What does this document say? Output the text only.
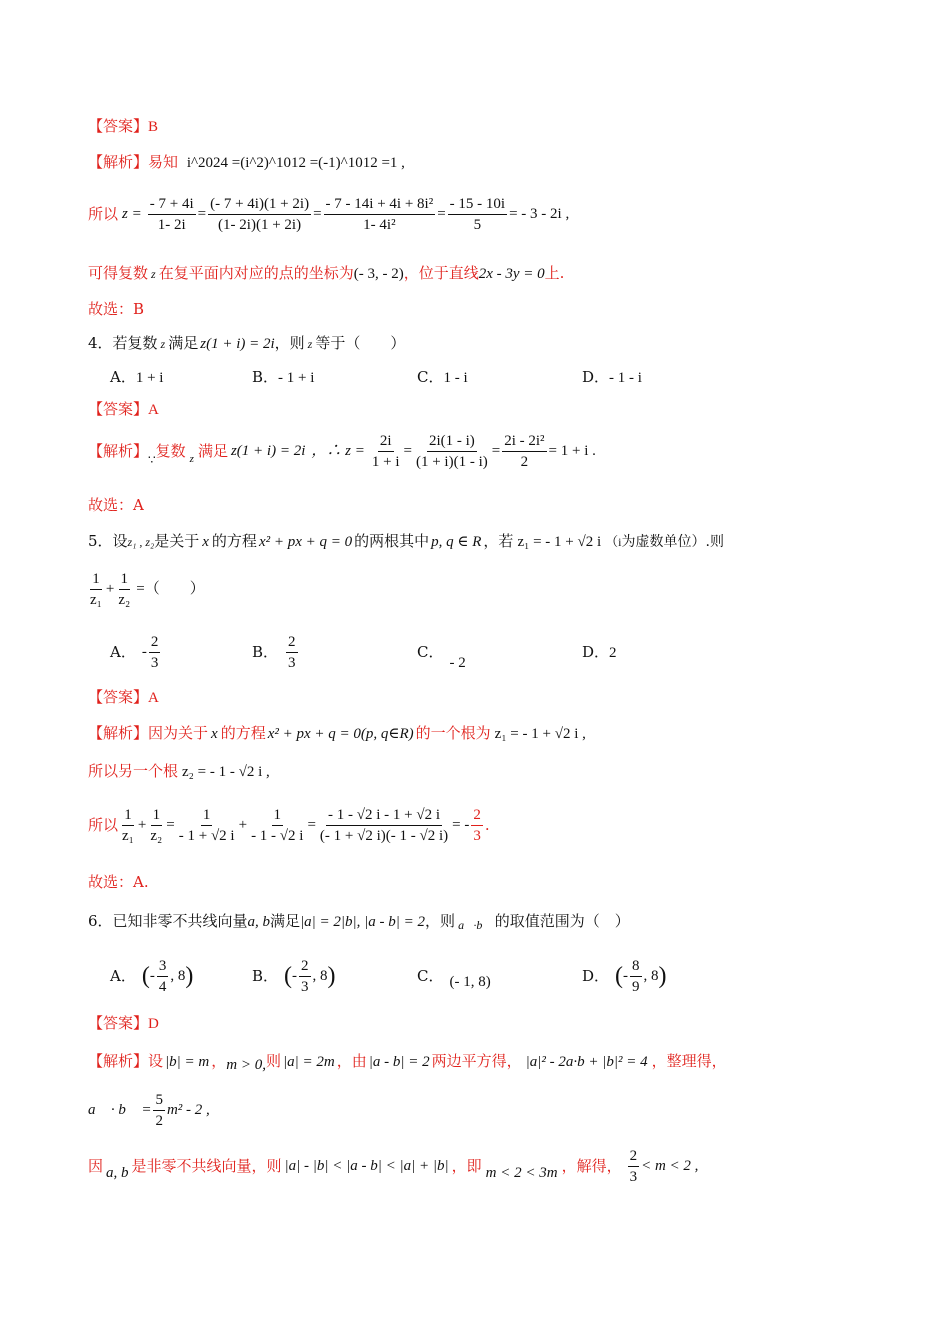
【答案】B
【解析】易知 i^2024 =(i^2)^1012 =(-1)^1012 =1 ,
所以 $z = \frac{- 7 + 4i}{1- 2i} = \frac{(- 7 + 4i)(1 + 2i)}{(1- 2i)(1 + 2i)} = \frac{\text{- 7 - 14i + 4i + 8i²}}{\text{1- 4i²}} = \frac{- 15 - 10i}{5}$ = - 3 - 2i ,
可得复数 z 在复平面内对应的点的坐标为(- 3, - 2)，位于直线2x - 3y = 0上.
故选：B
4．若复数 z 满足 z(1 + i) = 2i，则 z 等于（　　）
A．1 + i	B．- 1 + i	C．1 - i	D．- 1 - i
【答案】A
【解析】 ∵ 复数 z 满足 z(1 + i) = 2i ，∴ $z = \frac{2i}{1 + i} = \frac{2i(1 - i)}{(1 + i)(1 - i)} = \frac{\text{2i - 2i²}}{2} = 1 + i$ .
故选：A
5．设z₁ , z₂是关于 x 的方程 x² + px + q = 0 的两根其中 p, q ∈ R ，若 z₁ = - 1 + √2 i （i为虚数单位）.则
$\frac{1}{\text{z₁}} + \frac{1}{\text{z₂}}$ =（　　）
A． - $\frac{2}{3}$	B． $\frac{2}{3}$	C．- 2
D．2
【答案】A
【解析】因为关于 x 的方程 x² + px + q = 0(p, q∈R) 的一个根为 z₁ = - 1 + √2 i ,
所以另一个根 z₂ = - 1 - √2 i ,
所以 $\frac{1}{\text{z₁}} + \frac{1}{\text{z₂}} = \frac{1}{- 1 + √2 i} + \frac{1}{- 1 - √2 i} = \frac{- 1 - √2 i - 1 + √2 i}{(- 1 + √2 i)(- 1 - √2 i)}$ = - $\frac{2}{3}$ .
故选：A.
6．已知非零不共线向量a, b满足|a| = 2|b|, |a - b| = 2，则 $_{a⃗\cdot b⃗}$ 的取值范围为（　）
A． ( - $\frac{3}{4}$ , 8 )	B． ( - $\frac{2}{3}$ , 8 )	C． (- 1, 8)	D． ( - $\frac{8}{9}$ , 8 )
【答案】D
【解析】设 |b| = m ，m > 0,则 |a| = 2m ，由 |a - b| = 2 两边平方得， |a|² - 2a·b + |b|² = 4 ，整理得，
a⃗ · b⃗ = $\frac{5}{2} m^2 - 2$ ,
因 a, b 是非零不共线向量，则 |a| - |b| < |a - b| < |a| + |b| ，即 m < 2 < 3m ，解得， $\frac{2}{3} < m < 2$ ,
